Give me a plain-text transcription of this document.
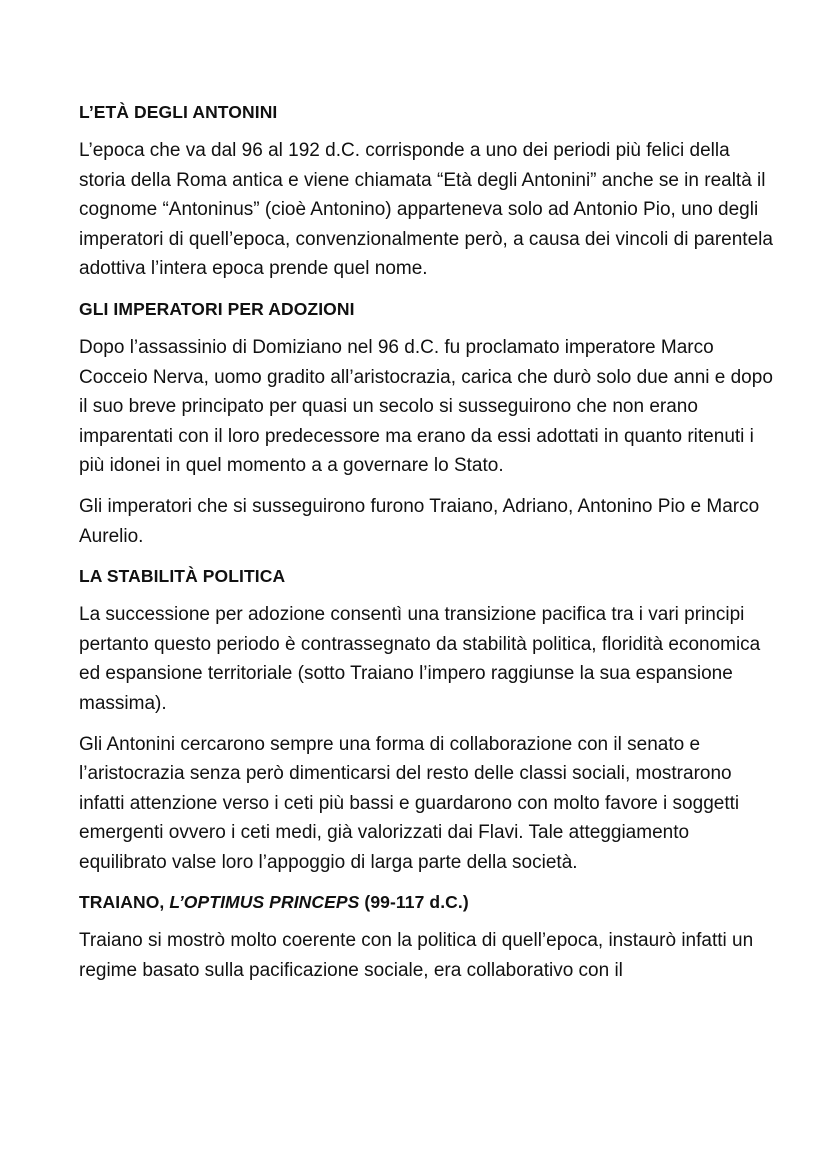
L’ETÀ DEGLI ANTONINI

L’epoca che va dal 96 al 192 d.C. corrisponde a uno dei periodi più felici della storia della Roma antica e viene chiamata “Età degli Antonini” anche se in realtà il cognome “Antoninus” (cioè Antonino) apparteneva solo ad Antonio Pio, uno degli imperatori di quell’epoca, convenzionalmente però, a causa dei vincoli di parentela adottiva l’intera epoca prende quel nome.

GLI IMPERATORI PER ADOZIONI

Dopo l’assassinio di Domiziano nel 96 d.C. fu proclamato imperatore Marco Cocceio Nerva, uomo gradito all’aristocrazia, carica che durò solo due anni e dopo il suo breve principato per quasi un secolo si susseguirono che non erano imparentati con il loro predecessore ma erano da essi adottati in quanto ritenuti i più idonei in quel momento a a governare lo Stato.

Gli imperatori che si susseguirono furono Traiano, Adriano, Antonino Pio e Marco Aurelio.

LA STABILITÀ POLITICA

La successione per adozione consentì una transizione pacifica tra i vari principi pertanto questo periodo è contrassegnato da stabilità politica, floridità economica ed espansione territoriale (sotto Traiano l’impero raggiunse la sua espansione massima).

Gli Antonini cercarono sempre una forma di collaborazione con il senato e l’aristocrazia senza però dimenticarsi del resto delle classi sociali, mostrarono infatti attenzione verso i ceti più bassi e guardarono con molto favore i soggetti emergenti ovvero i ceti medi, già valorizzati dai Flavi. Tale atteggiamento equilibrato valse loro l’appoggio di larga parte della società.

TRAIANO, L’OPTIMUS PRINCEPS (99-117 d.C.)

Traiano si mostrò molto coerente con la politica di quell’epoca, instaurò infatti un regime basato sulla pacificazione sociale, era collaborativo con il
